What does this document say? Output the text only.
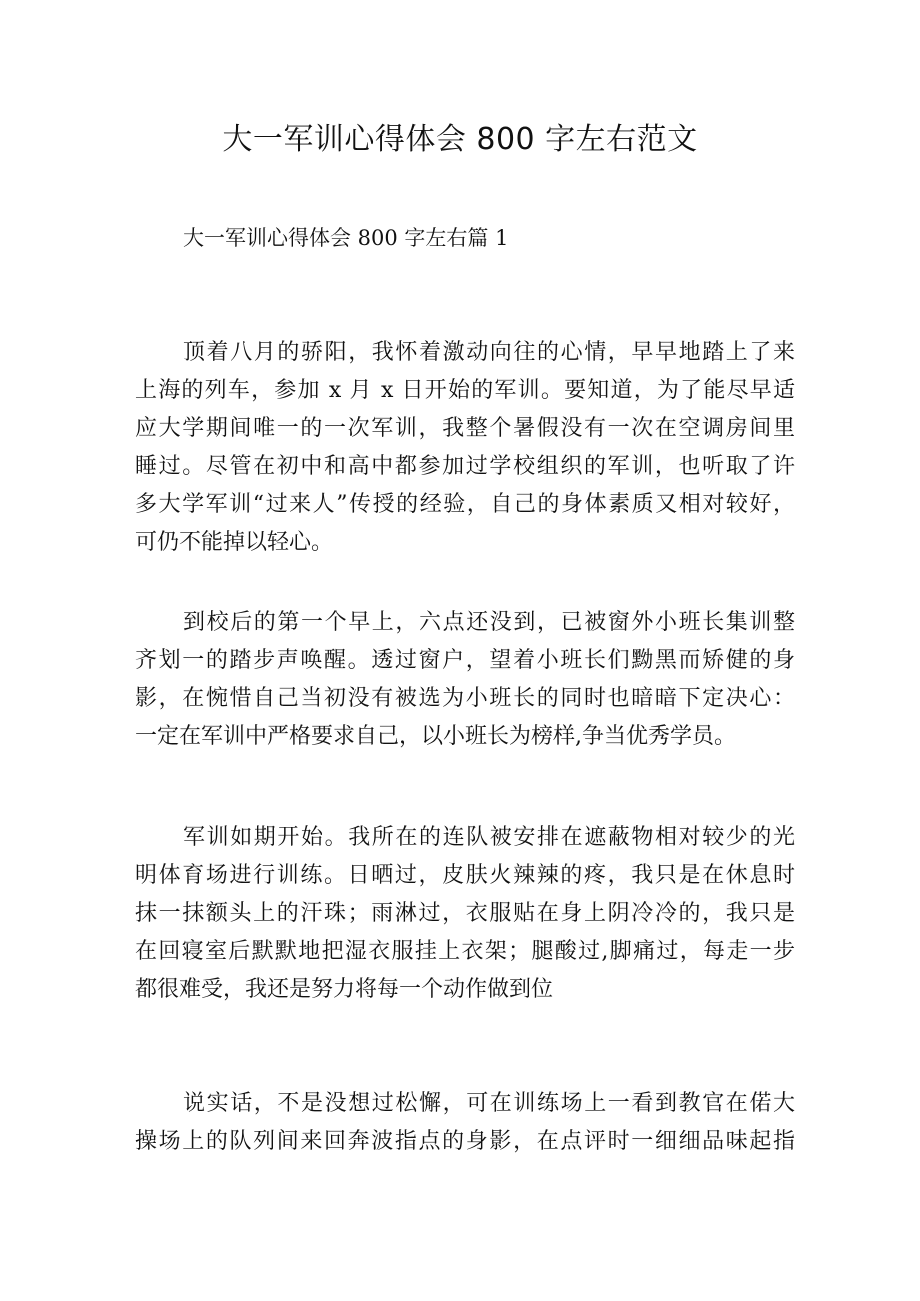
大一军训心得体会 800 字左右范文
大一军训心得体会 800 字左右篇 1
顶着八月的骄阳，我怀着激动向往的心情，早早地踏上了来
上海的列车，参加 x 月 x 日开始的军训。要知道，为了能尽早适
应大学期间唯一的一次军训，我整个暑假没有一次在空调房间里
睡过。尽管在初中和高中都参加过学校组织的军训，也听取了许
多大学军训“过来人”传授的经验，自己的身体素质又相对较好，
可仍不能掉以轻心。
到校后的第一个早上，六点还没到，已被窗外小班长集训整
齐划一的踏步声唤醒。透过窗户，望着小班长们黝黑而矫健的身
影，在惋惜自己当初没有被选为小班长的同时也暗暗下定决心：
一定在军训中严格要求自己，以小班长为榜样,争当优秀学员。
军训如期开始。我所在的连队被安排在遮蔽物相对较少的光
明体育场进行训练。日晒过，皮肤火辣辣的疼，我只是在休息时
抹一抹额头上的汗珠；雨淋过，衣服贴在身上阴冷冷的，我只是
在回寝室后默默地把湿衣服挂上衣架；腿酸过,脚痛过，每走一步
都很难受，我还是努力将每一个动作做到位
说实话，不是没想过松懈，可在训练场上一看到教官在偌大
操场上的队列间来回奔波指点的身影，在点评时一细细品味起指
